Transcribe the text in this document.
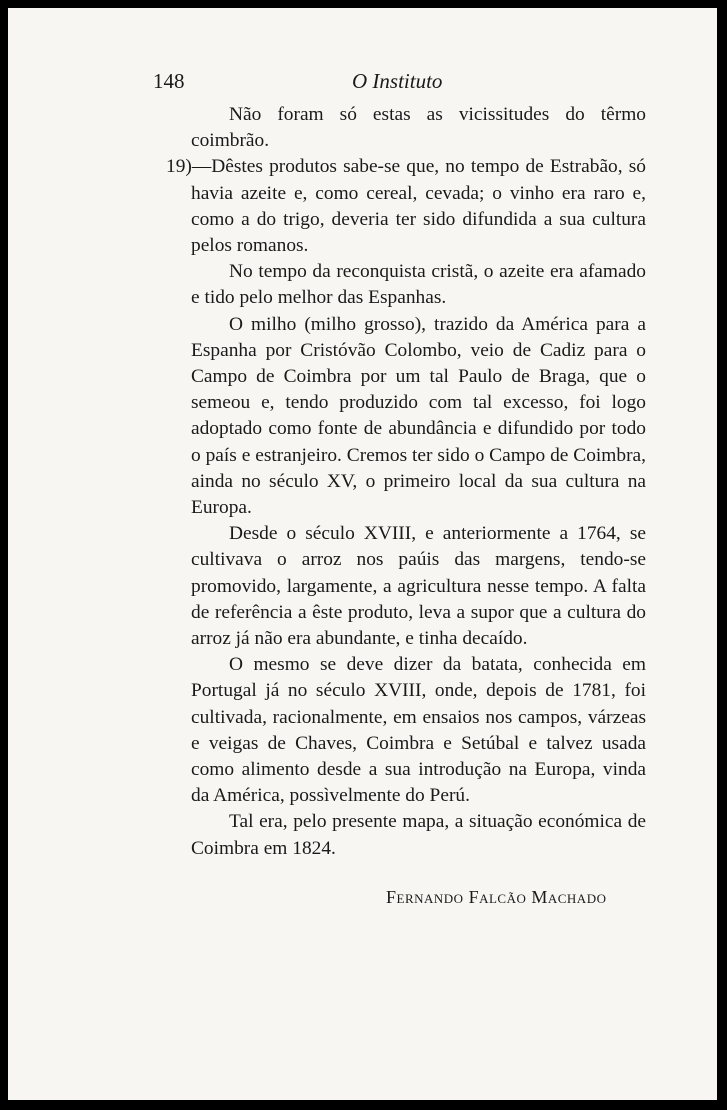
148	O Instituto

Não foram só estas as vicissitudes do têrmo coimbrão.

19)—Dêstes produtos sabe-se que, no tempo de Estrabão, só havia azeite e, como cereal, cevada; o vinho era raro e, como a do trigo, deveria ter sido difundida a sua cultura pelos romanos.

No tempo da reconquista cristã, o azeite era afamado e tido pelo melhor das Espanhas.

O milho (milho grosso), trazido da América para a Espanha por Cristóvão Colombo, veio de Cadiz para o Campo de Coimbra por um tal Paulo de Braga, que o semeou e, tendo produzido com tal excesso, foi logo adoptado como fonte de abundância e difundido por todo o país e estranjeiro. Cremos ter sido o Campo de Coimbra, ainda no século XV, o primeiro local da sua cultura na Europa.

Desde o século XVIII, e anteriormente a 1764, se cultivava o arroz nos paúis das margens, tendo-se promovido, largamente, a agricultura nesse tempo. A falta de referência a êste produto, leva a supor que a cultura do arroz já não era abundante, e tinha decaído.

O mesmo se deve dizer da batata, conhecida em Portugal já no século XVIII, onde, depois de 1781, foi cultivada, racionalmente, em ensaios nos campos, várzeas e veigas de Chaves, Coimbra e Setúbal e talvez usada como alimento desde a sua introdução na Europa, vinda da América, possìvelmente do Perú.

Tal era, pelo presente mapa, a situação económica de Coimbra em 1824.

Fernando Falcão Machado
